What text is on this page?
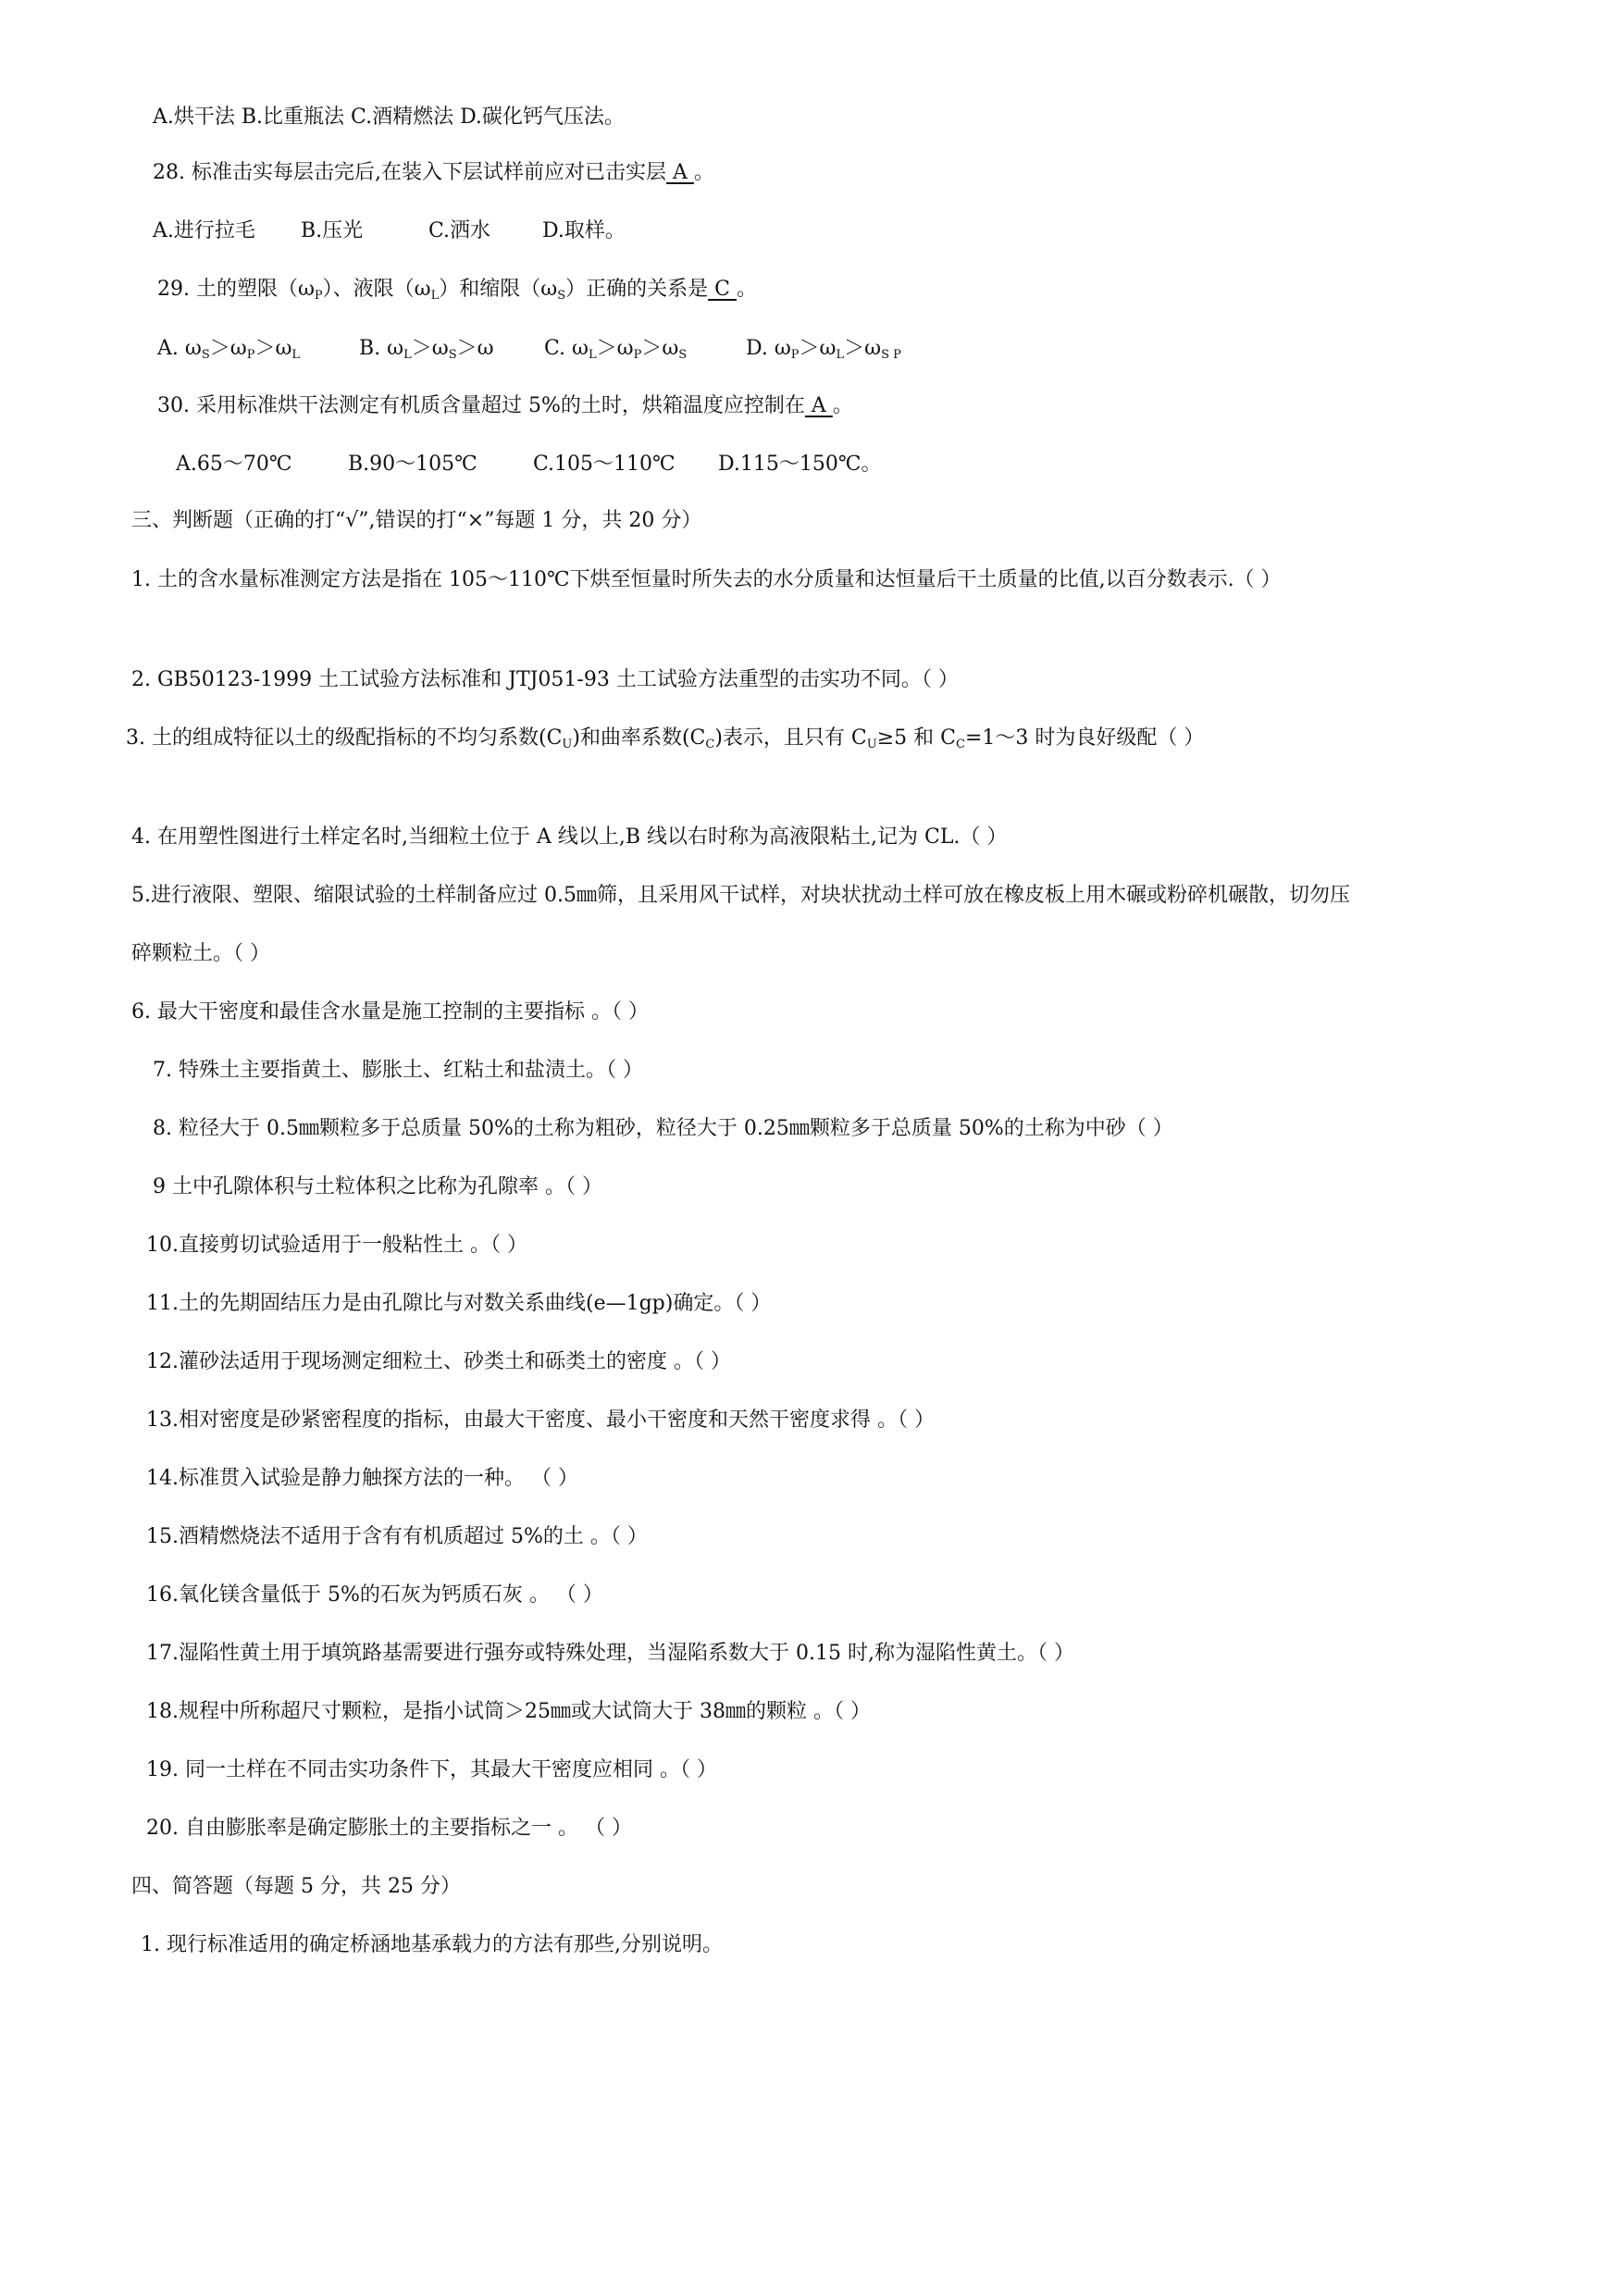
A.烘干法 B.比重瓶法 C.酒精燃法 D.碳化钙气压法。
28. 标准击实每层击完后,在装入下层试样前应对已击实层 A 。
A.进行拉毛 B.压光	C.洒水	D.取样。
29. 土的塑限$(\omega_P)$、液限$(\omega_L)$和缩限$(\omega_S)$正确的关系是 C 。
A. $\omega_S>\omega_P>\omega_L$	B. $\omega_L>\omega_S>\omega$ C. $\omega_L>\omega_P>\omega_S$	D. $\omega_P>\omega_L>\omega_{S P}$
30. 采用标准烘干法测定有机质含量超过 5%的土时，烘箱温度应控制在 A 。
A.65～70℃	B.90～105℃	C.105～110℃ D.115～150℃。
三、判断题（正确的打“√”,错误的打“×”每题 1 分，共 20 分）
1. 土的含水量标准测定方法是指在 105～110℃下烘至恒量时所失去的水分质量和达恒量后干土质量的比值,以百分数表示.（ ）
2. GB50123-1999 土工试验方法标准和 JTJ051-93 土工试验方法重型的击实功不同。（ ）
3. 土的组成特征以土的级配指标的不均匀系数$(C_U)$和曲率系数$(C_C)$表示，且只有 $C_U\ge 5$ 和 $C_C=1\sim 3$ 时为良好级配（ ）
4. 在用塑性图进行土样定名时,当细粒土位于 A 线以上,B 线以右时称为高液限粘土,记为 CL.（ ）
5.进行液限、塑限、缩限试验的土样制备应过 0.5㎜筛，且采用风干试样，对块状扰动土样可放在橡皮板上用木碾或粉碎机碾散，切勿压
碎颗粒土。（ ）
6. 最大干密度和最佳含水量是施工控制的主要指标 。（ ）
7. 特殊土主要指黄土、膨胀土、红粘土和盐渍土。（ ）
8. 粒径大于 0.5㎜颗粒多于总质量 50%的土称为粗砂，粒径大于 0.25㎜颗粒多于总质量 50%的土称为中砂（ ）
9 土中孔隙体积与土粒体积之比称为孔隙率 。（ ）
10.直接剪切试验适用于一般粘性土 。（ ）
11.土的先期固结压力是由孔隙比与对数关系曲线(e—1gp)确定。（ ）
12.灌砂法适用于现场测定细粒土、砂类土和砾类土的密度 。（ ）
13.相对密度是砂紧密程度的指标，由最大干密度、最小干密度和天然干密度求得 。（ ）
14.标准贯入试验是静力触探方法的一种。 （ ）
15.酒精燃烧法不适用于含有有机质超过 5%的土 。（ ）
16.氧化镁含量低于 5%的石灰为钙质石灰 。 （ ）
17.湿陷性黄土用于填筑路基需要进行强夯或特殊处理，当湿陷系数大于 0.15 时,称为湿陷性黄土。（ ）
18.规程中所称超尺寸颗粒，是指小试筒＞25㎜或大试筒大于 38㎜的颗粒 。（ ）
19. 同一土样在不同击实功条件下，其最大干密度应相同 。（ ）
20. 自由膨胀率是确定膨胀土的主要指标之一 。 （ ）
四、简答题（每题 5 分，共 25 分）
1. 现行标准适用的确定桥涵地基承载力的方法有那些,分别说明。
